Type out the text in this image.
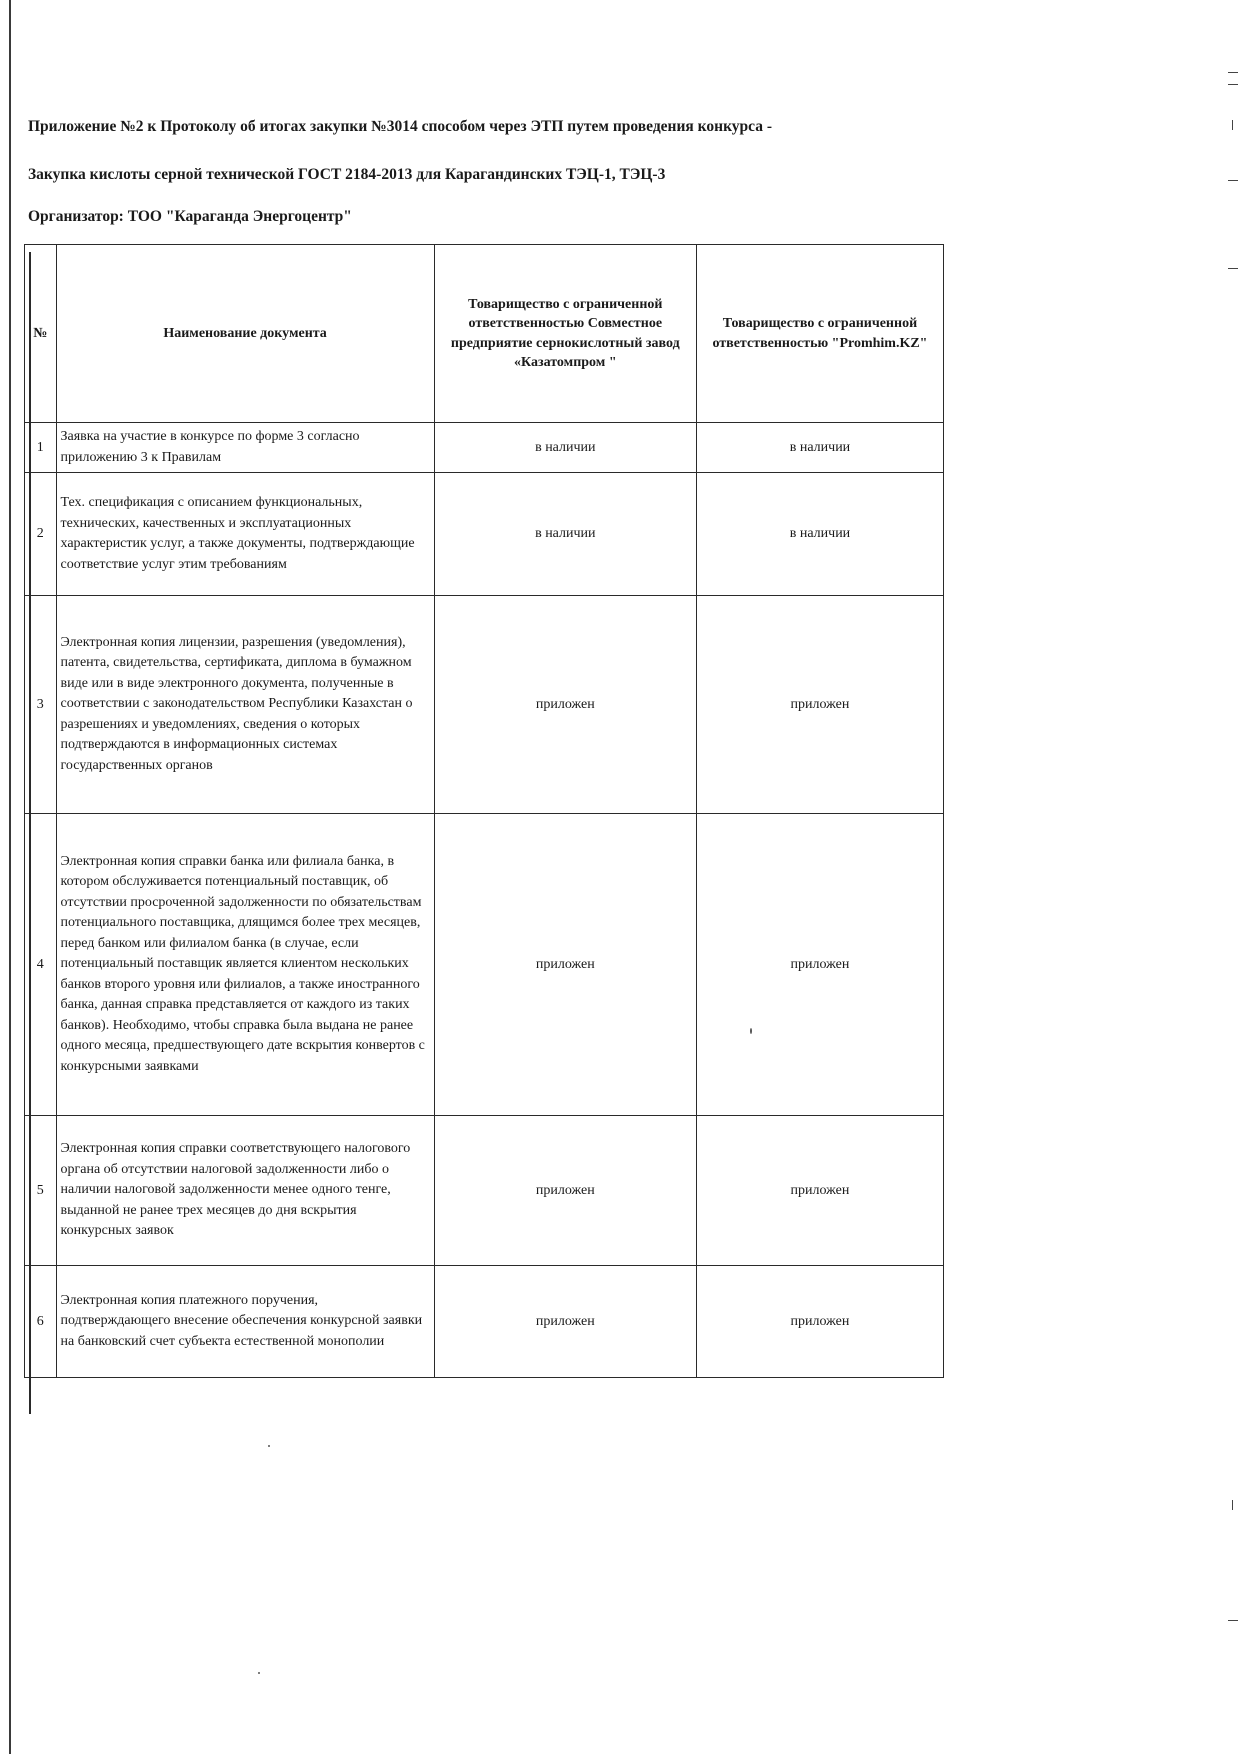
Приложение №2 к Протоколу об итогах закупки №3014 способом через ЭТП путем проведения конкурса -
Закупка кислоты серной технической ГОСТ 2184-2013 для Карагандинских ТЭЦ-1, ТЭЦ-3
Организатор: ТОО "Караганда Энергоцентр"
№	Наименование документа	Товарищество с ограниченной ответственностью Совместное предприятие сернокислотный завод «Казатомпром "	Товарищество с ограниченной ответственностью "Promhim.KZ"
1	Заявка на участие в конкурсе по форме 3 согласно приложению 3 к Правилам	в наличии	в наличии
2	Тех. спецификация с описанием функциональных, технических, качественных и эксплуатационных характеристик услуг, а также документы, подтверждающие соответствие услуг этим требованиям	в наличии	в наличии
3	Электронная копия лицензии, разрешения (уведомления), патента, свидетельства, сертификата, диплома в бумажном виде или в виде электронного документа, полученные в соответствии с законодательством Республики Казахстан о разрешениях и уведомлениях, сведения о которых подтверждаются в информационных системах государственных органов	приложен	приложен
4	Электронная копия справки банка или филиала банка, в котором обслуживается потенциальный поставщик, об отсутствии просроченной задолженности по обязательствам потенциального поставщика, длящимся более трех месяцев, перед банком или филиалом банка (в случае, если потенциальный поставщик является клиентом нескольких банков второго уровня или филиалов, а также иностранного банка, данная справка представляется от каждого из таких банков). Необходимо, чтобы справка была выдана не ранее одного месяца, предшествующего дате вскрытия конвертов с конкурсными заявками	приложен	приложен
5	Электронная копия справки соответствующего налогового органа об отсутствии налоговой задолженности либо о наличии налоговой задолженности менее одного тенге, выданной не ранее трех месяцев до дня вскрытия конкурсных заявок	приложен	приложен
6	Электронная копия платежного поручения, подтверждающего внесение обеспечения конкурсной заявки на банковский счет субъекта естественной монополии	приложен	приложен
